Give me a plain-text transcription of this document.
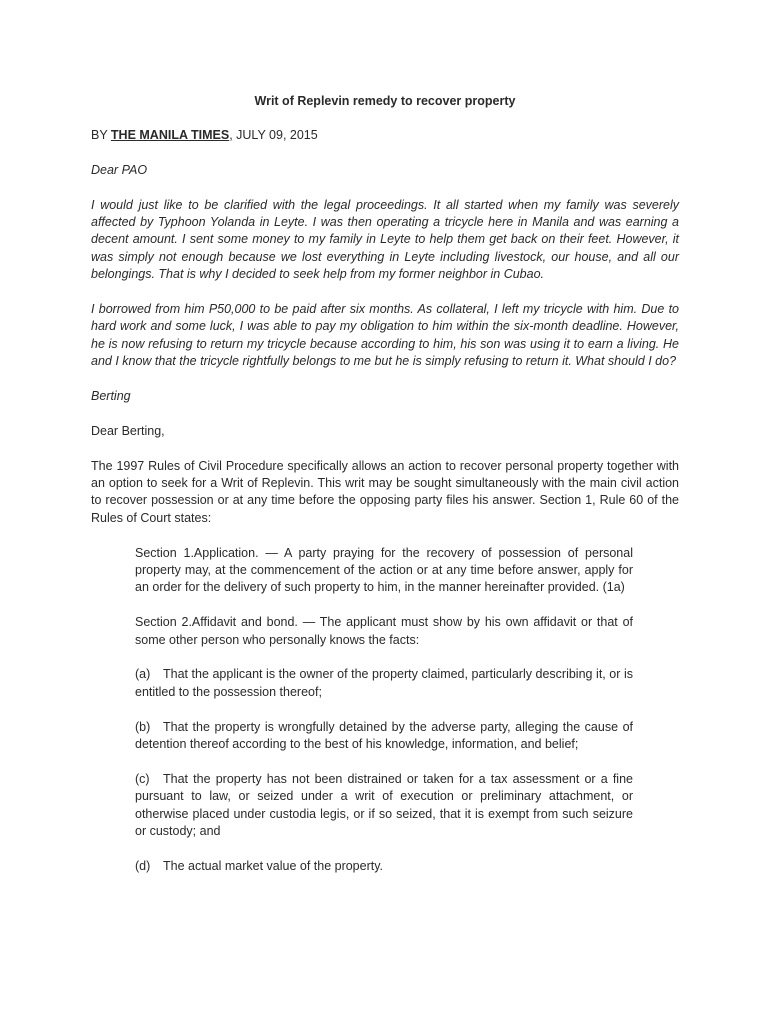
Writ of Replevin remedy to recover property
BY THE MANILA TIMES, JULY 09, 2015

Dear PAO

I would just like to be clarified with the legal proceedings. It all started when my family was severely affected by Typhoon Yolanda in Leyte. I was then operating a tricycle here in Manila and was earning a decent amount. I sent some money to my family in Leyte to help them get back on their feet. However, it was simply not enough because we lost everything in Leyte including livestock, our house, and all our belongings. That is why I decided to seek help from my former neighbor in Cubao.

I borrowed from him P50,000 to be paid after six months. As collateral, I left my tricycle with him. Due to hard work and some luck, I was able to pay my obligation to him within the six-month deadline. However, he is now refusing to return my tricycle because according to him, his son was using it to earn a living. He and I know that the tricycle rightfully belongs to me but he is simply refusing to return it. What should I do?

Berting

Dear Berting,

The 1997 Rules of Civil Procedure specifically allows an action to recover personal property together with an option to seek for a Writ of Replevin. This writ may be sought simultaneously with the main civil action to recover possession or at any time before the opposing party files his answer. Section 1, Rule 60 of the Rules of Court states:

Section 1.Application. — A party praying for the recovery of possession of personal property may, at the commencement of the action or at any time before answer, apply for an order for the delivery of such property to him, in the manner hereinafter provided. (1a)

Section 2.Affidavit and bond. — The applicant must show by his own affidavit or that of some other person who personally knows the facts:

(a) That the applicant is the owner of the property claimed, particularly describing it, or is entitled to the possession thereof;

(b) That the property is wrongfully detained by the adverse party, alleging the cause of detention thereof according to the best of his knowledge, information, and belief;

(c) That the property has not been distrained or taken for a tax assessment or a fine pursuant to law, or seized under a writ of execution or preliminary attachment, or otherwise placed under custodia legis, or if so seized, that it is exempt from such seizure or custody; and

(d) The actual market value of the property.
